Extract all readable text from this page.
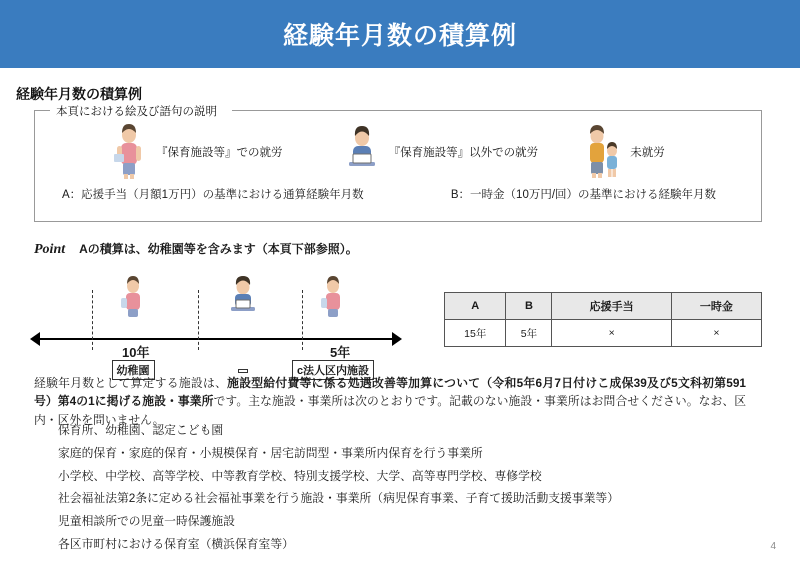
経験年月数の積算例
経験年月数の積算例
本頁における絵及び語句の説明
『保育施設等』での就労	『保育施設等』以外での就労	未就労
A：応援手当（月額1万円）の基準における通算経験年月数	B：一時金（10万円/回）の基準における経験年月数
Point Aの積算は、幼稚園等を含みます（本頁下部参照）。
幼稚園	c法人区内施設
10年	5年
A	B	応援手当	一時金
15年	5年	×	×
経験年月数として算定する施設は、施設型給付費等に係る処遇改善等加算について（令和5年6月7日付けこ成保39及び5文科初第591号）第4の1に掲げる施設・事業所です。主な施設・事業所は次のとおりです。記載のない施設・事業所はお問合せください。なお、区内・区外を問いません。
保育所、幼稚園、認定こども園
家庭的保育・家庭的保育・小規模保育・居宅訪問型・事業所内保育を行う事業所
小学校、中学校、高等学校、中等教育学校、特別支援学校、大学、高等専門学校、専修学校
社会福祉法第2条に定める社会福祉事業を行う施設・事業所（病児保育事業、子育て援助活動支援事業等）
児童相談所での児童一時保護施設
各区市町村における保育室（横浜保育室等）	4
